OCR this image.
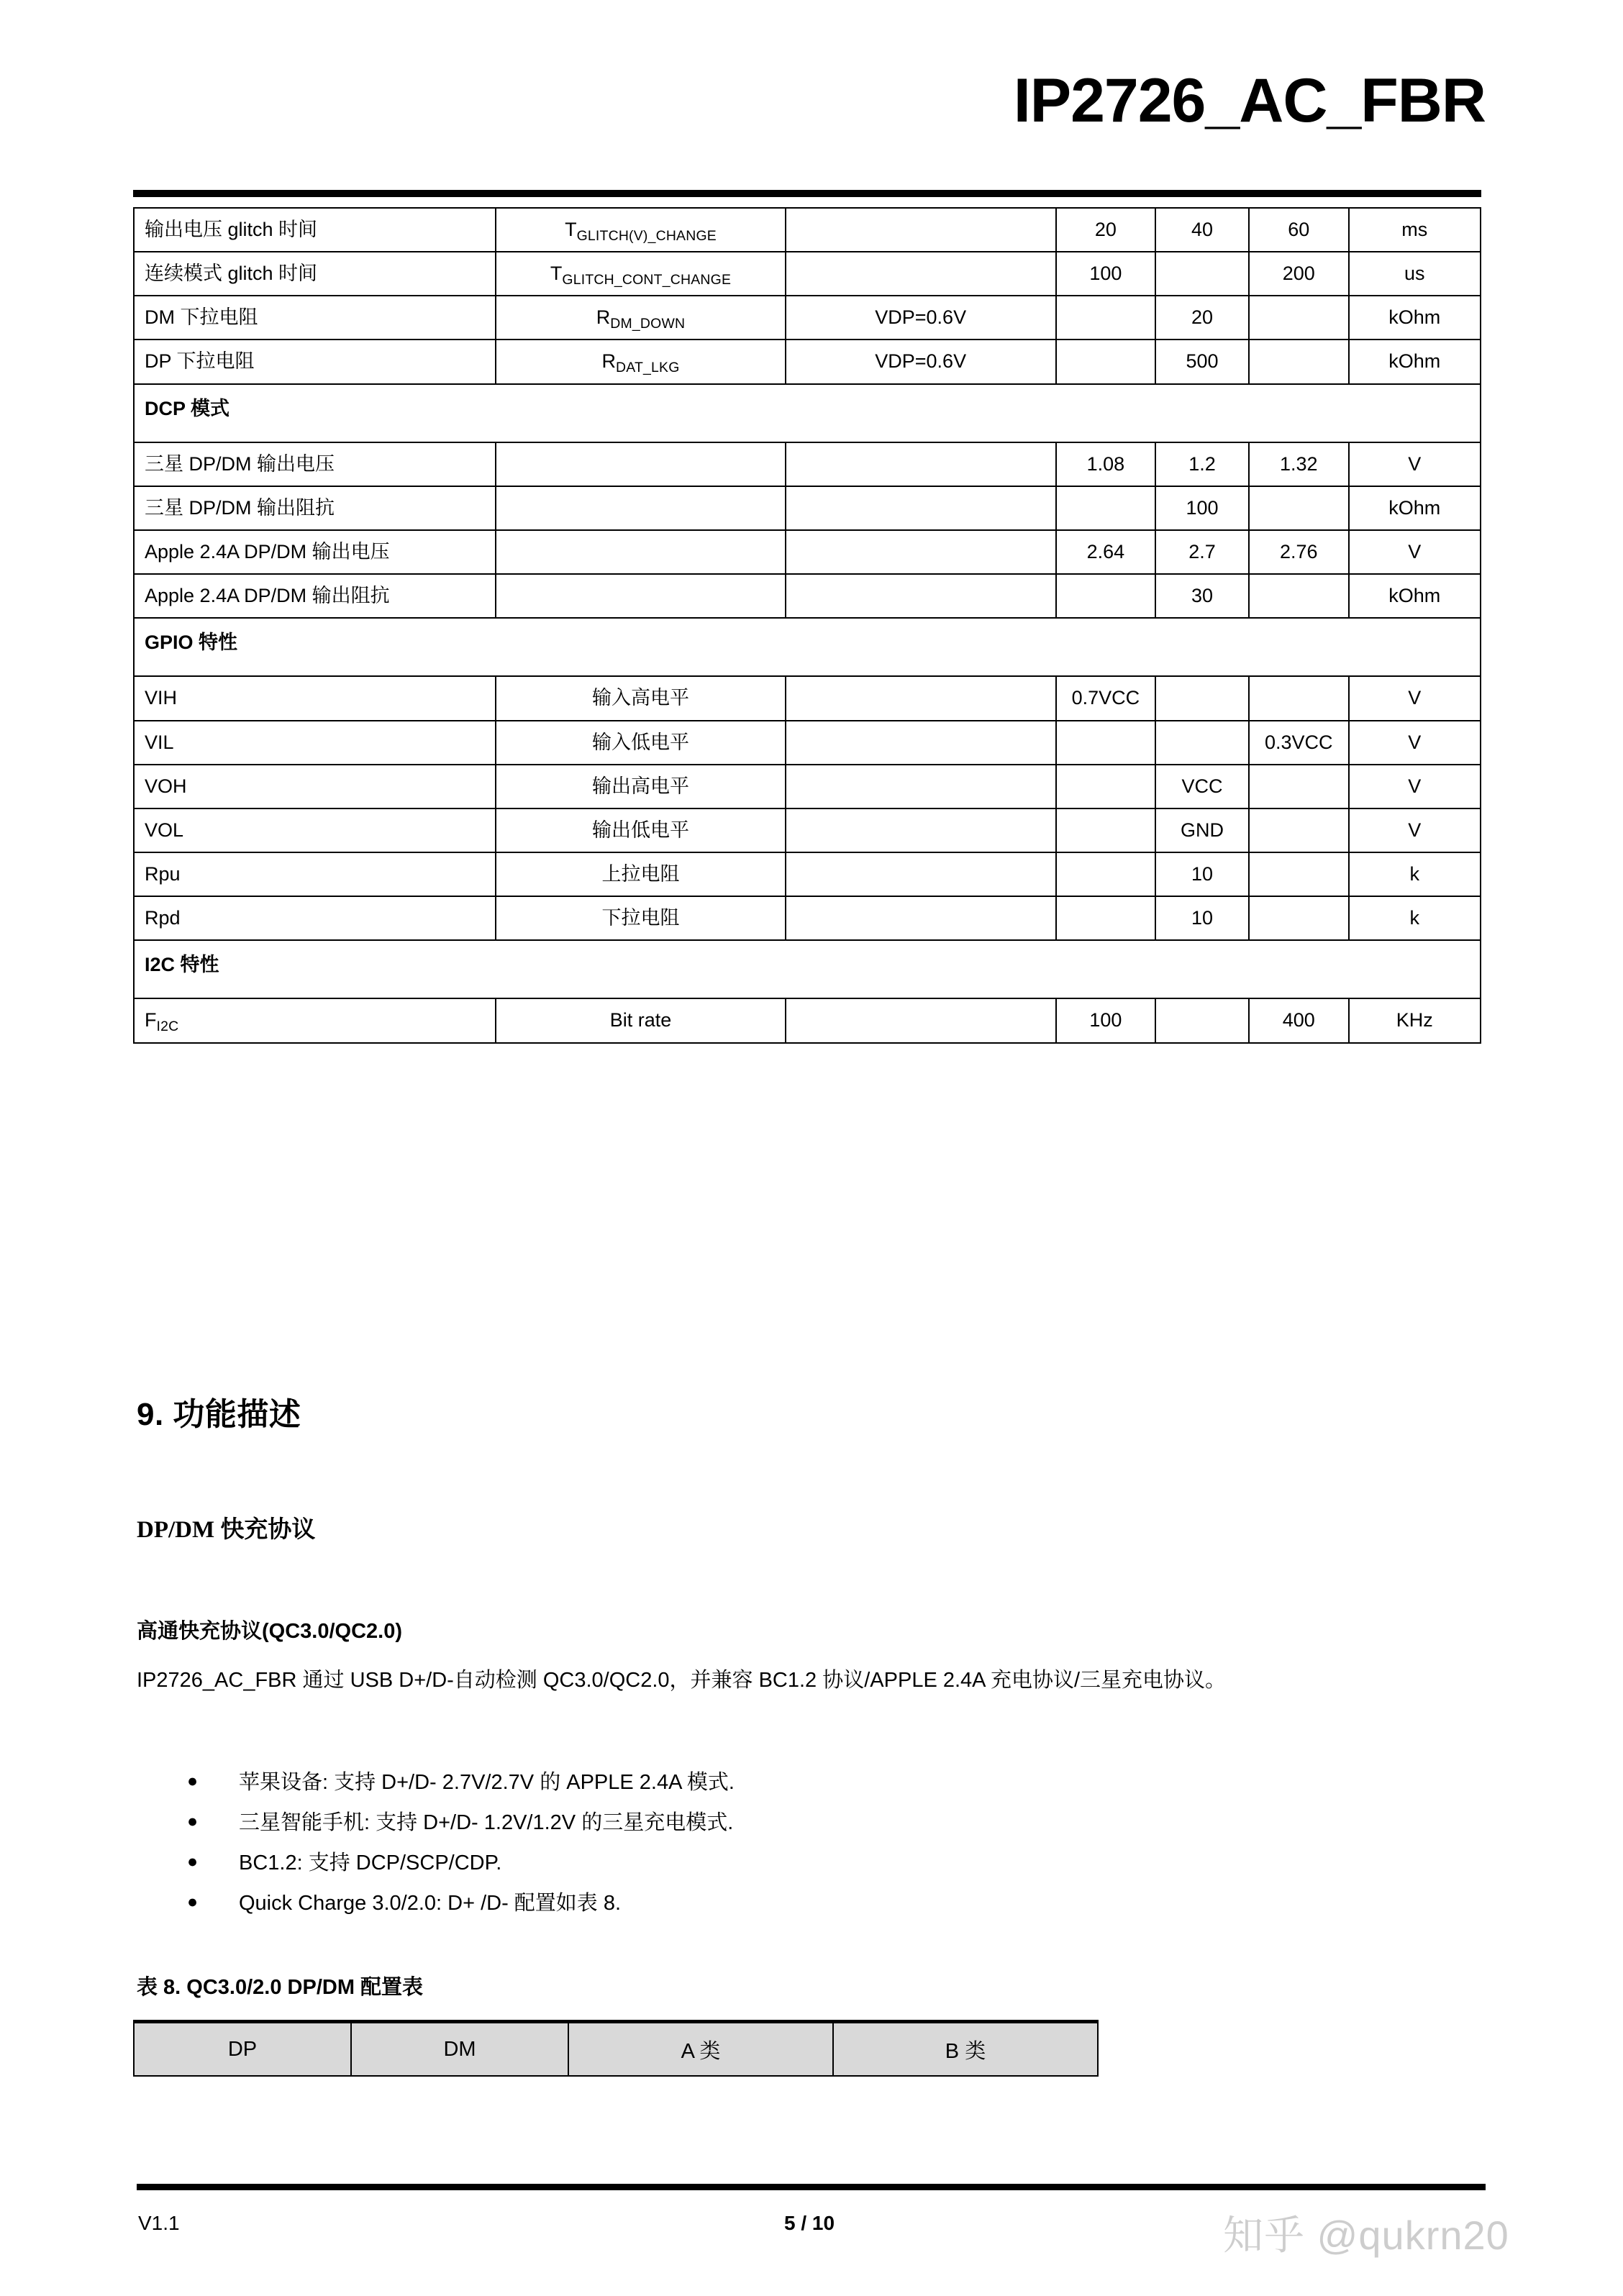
IP2726_AC_FBR
输出电压 glitch 时间	$T_{GLITCH(V)\_CHANGE}$		20	40	60	ms
连续模式 glitch 时间	$T_{GLITCH\_CONT\_CHANGE}$		100		200	us
DM 下拉电阻	$R_{DM\_DOWN}$	VDP=0.6V		20		kOhm
DP 下拉电阻	$R_{DAT\_LKG}$	VDP=0.6V		500		kOhm
DCP 模式						
三星 DP/DM 输出电压			1.08	1.2	1.32	V
三星 DP/DM 输出阻抗				100		kOhm
Apple 2.4A DP/DM 输出电压			2.64	2.7	2.76	V
Apple 2.4A DP/DM 输出阻抗				30		kOhm
GPIO 特性						
VIH	输入高电平		0.7VCC			V
VIL	输入低电平				0.3VCC	V
VOH	输出高电平			VCC		V
VOL	输出低电平			GND		V
Rpu	上拉电阻			10		k
Rpd	下拉电阻			10		k
I2C 特性						
$F_{I2C}$	Bit rate		100		400	KHz
9. 功能描述
DP/DM 快充协议
高通快充协议(QC3.0/QC2.0)
IP2726_AC_FBR 通过 USB D+/D-自动检测 QC3.0/QC2.0，并兼容 BC1.2 协议/APPLE 2.4A 充电协议/三星充电协议。
●	苹果设备: 支持 D+/D- 2.7V/2.7V 的 APPLE 2.4A 模式.
●	三星智能手机: 支持 D+/D- 1.2V/1.2V 的三星充电模式.
●	BC1.2: 支持 DCP/SCP/CDP.
●	Quick Charge 3.0/2.0: D+ /D- 配置如表 8.
表 8. QC3.0/2.0 DP/DM 配置表
DP	DM	A 类	B 类
V1.1	5 / 10	知乎 @qukrn20
